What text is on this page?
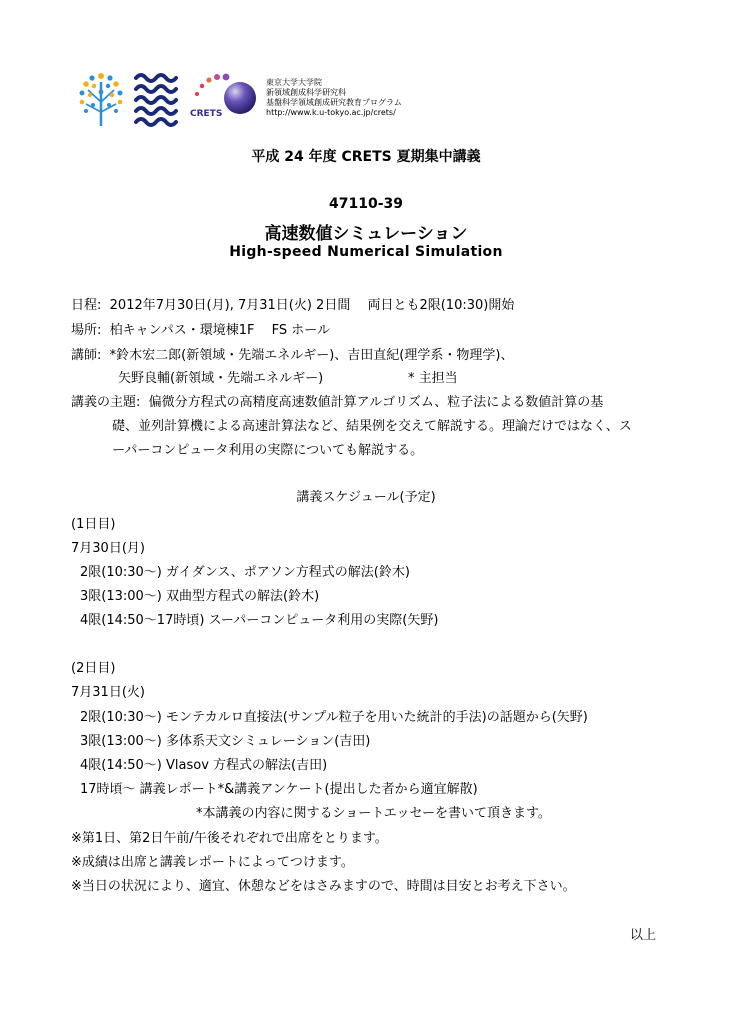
CRETS
東京大学大学院
新領域創成科学研究科
基盤科学領域創成研究教育プログラム
http://www.k.u-tokyo.ac.jp/crets/
平成 24 年度 CRETS 夏期集中講義
47110-39
高速数値シミュレーション
High-speed Numerical Simulation
日程: 2012年7月30日(月), 7月31日(火) 2日間　 両日とも2限(10:30)開始
場所: 柏キャンパス・環境棟1F　 FS ホール
講師: *鈴木宏二郎(新領域・先端エネルギー)、吉田直紀(理学系・物理学)、
矢野良輔(新領域・先端エネルギー)	* 主担当
講義の主題: 偏微分方程式の高精度高速数値計算アルゴリズム、粒子法による数値計算の基
礎、並列計算機による高速計算法など、結果例を交えて解説する。理論だけではなく、ス
ーパーコンピュータ利用の実際についても解説する。
講義スケジュール(予定)
(1日目)
7月30日(月)
2限(10:30～) ガイダンス、ポアソン方程式の解法(鈴木)
3限(13:00～) 双曲型方程式の解法(鈴木)
4限(14:50～17時頃) スーパーコンピュータ利用の実際(矢野)
(2日目)
7月31日(火)
2限(10:30～) モンテカルロ直接法(サンプル粒子を用いた統計的手法)の話題から(矢野)
3限(13:00～) 多体系天文シミュレーション(吉田)
4限(14:50～) Vlasov 方程式の解法(吉田)
17時頃～ 講義レポート*&講義アンケート(提出した者から適宜解散)
*本講義の内容に関するショートエッセーを書いて頂きます。
※第1日、第2日午前/午後それぞれで出席をとります。
※成績は出席と講義レポートによってつけます。
※当日の状況により、適宜、休憩などをはさみますので、時間は目安とお考え下さい。
以上
